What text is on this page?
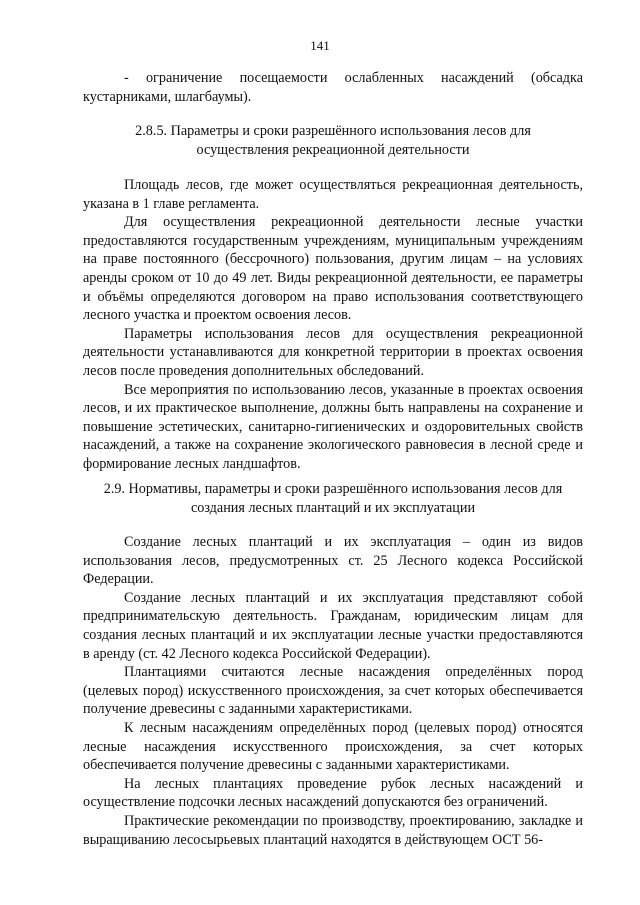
141

- ограничение посещаемости ослабленных насаждений (обсадка кустарниками, шлагбаумы).

2.8.5. Параметры и сроки разрешённого использования лесов для
осуществления рекреационной деятельности

Площадь лесов, где может осуществляться рекреационная деятельность, указана в 1 главе регламента.

Для осуществления рекреационной деятельности лесные участки предоставляются государственным учреждениям, муниципальным учреждениям на праве постоянного (бессрочного) пользования, другим лицам – на условиях аренды сроком от 10 до 49 лет. Виды рекреационной деятельности, ее параметры и объёмы определяются договором на право использования соответствующего лесного участка и проектом освоения лесов.

Параметры использования лесов для осуществления рекреационной деятельности устанавливаются для конкретной территории в проектах освоения лесов после проведения дополнительных обследований.

Все мероприятия по использованию лесов, указанные в проектах освоения лесов, и их практическое выполнение, должны быть направлены на сохранение и повышение эстетических, санитарно-гигиенических и оздоровительных свойств насаждений, а также на сохранение экологического равновесия в лесной среде и формирование лесных ландшафтов.

2.9. Нормативы, параметры и сроки разрешённого использования лесов для
создания лесных плантаций и их эксплуатации

Создание лесных плантаций и их эксплуатация – один из видов использования лесов, предусмотренных ст. 25 Лесного кодекса Российской Федерации.

Создание лесных плантаций и их эксплуатация представляют собой предпринимательскую деятельность. Гражданам, юридическим лицам для создания лесных плантаций и их эксплуатации лесные участки предоставляются в аренду (ст. 42 Лесного кодекса Российской Федерации).

Плантациями считаются лесные насаждения определённых пород (целевых пород) искусственного происхождения, за счет которых обеспечивается получение древесины с заданными характеристиками.

К лесным насаждениям определённых пород (целевых пород) относятся лесные насаждения искусственного происхождения, за счет которых обеспечивается получение древесины с заданными характеристиками.

На лесных плантациях проведение рубок лесных насаждений и осуществление подсочки лесных насаждений допускаются без ограничений.

Практические рекомендации по производству, проектированию, закладке и выращиванию лесосырьевых плантаций находятся в действующем ОСТ 56-
